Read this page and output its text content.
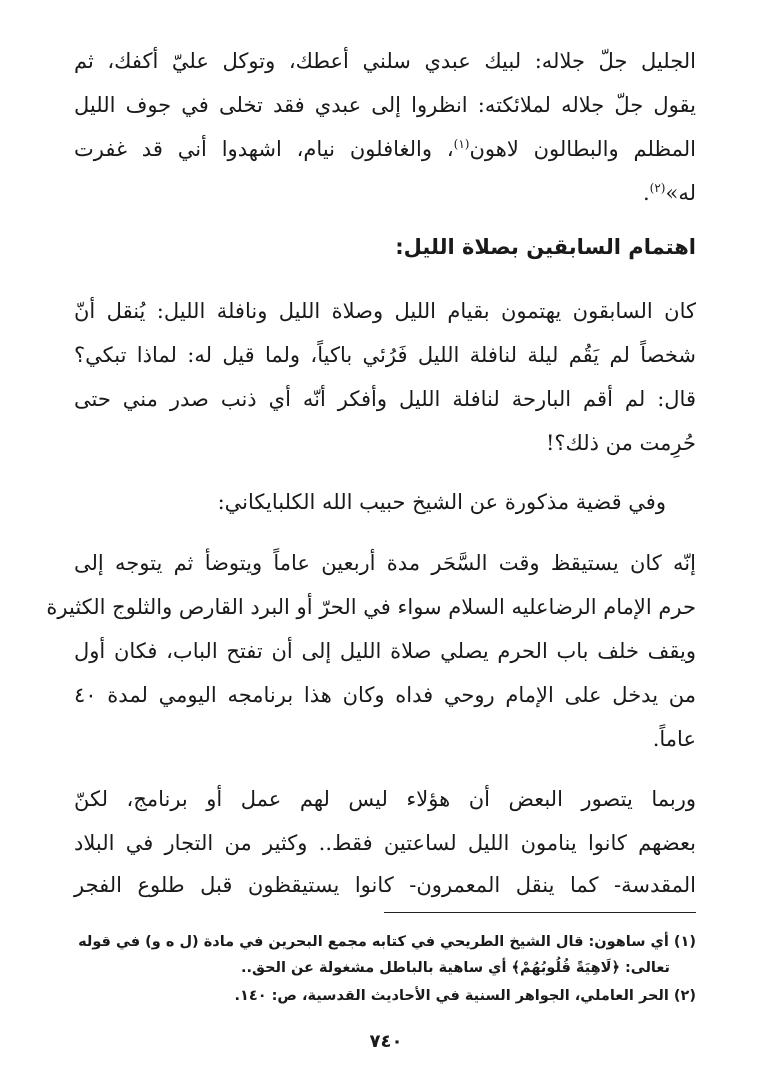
الجليل جلّ جلاله: لبيك عبدي سلني أعطك، وتوكل عليّ أكفك، ثم
يقول جلّ جلاله لملائكته: انظروا إلى عبدي فقد تخلى في جوف الليل
المظلم والبطالون لاهون$^{(١)}$، والغافلون نيام، اشهدوا أني قد غفرت
له»$^{(٢)}$.
اهتمام السابقين بصلاة الليل:
كان السابقون يهتمون بقيام الليل وصلاة الليل ونافلة الليل: يُنقل أنّ
شخصاً لم يَقُم ليلة لنافلة الليل فَرُئي باكياً، ولما قيل له: لماذا تبكي؟
قال: لم أقم البارحة لنافلة الليل وأفكر أنّه أي ذنب صدر مني حتى
حُرِمت من ذلك؟!
وفي قضية مذكورة عن الشيخ حبيب الله الكلبايكاني:
إنّه كان يستيقظ وقت السَّحَر مدة أربعين عاماً ويتوضأ ثم يتوجه إلى
حرم الإمام الرضاعليه السلام سواء في الحرّ أو البرد القارص والثلوج الكثيرة
ويقف خلف باب الحرم يصلي صلاة الليل إلى أن تفتح الباب، فكان أول
من يدخل على الإمام روحي فداه وكان هذا برنامجه اليومي لمدة ٤٠
عاماً.
وربما يتصور البعض أن هؤلاء ليس لهم عمل أو برنامج، لكنّ
بعضهم كانوا ينامون الليل لساعتين فقط.. وكثير من التجار في البلاد
المقدسة- كما ينقل المعمرون- كانوا يستيقظون قبل طلوع الفجر
(١) أي ساهون: قال الشيخ الطريحي في كتابه مجمع البحرين في مادة (ل ه و) في قوله
تعالى: ﴿لَاهِيَةً قُلُوبُهُمْ﴾ أي ساهية بالباطل مشغولة عن الحق..
(٢) الحر العاملي، الجواهر السنية في الأحاديث القدسية، ص: ١٤٠.
٧٤٠
